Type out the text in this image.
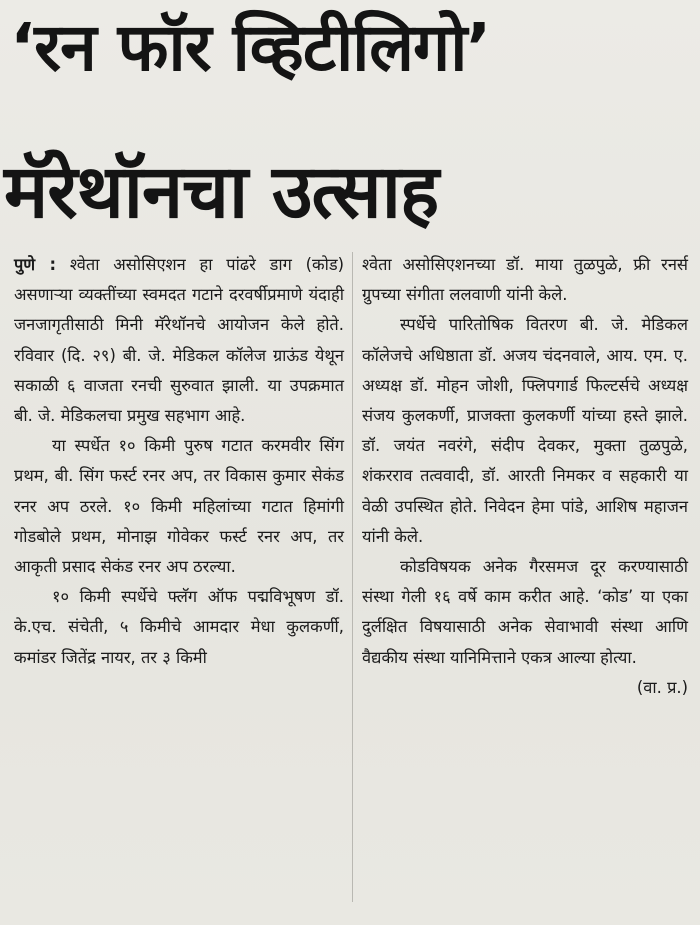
‘रन फॉर व्हिटीलिगो’
मॅरेथॉनचा उत्साह

पुणे : श्वेता असोसिएशन हा पांढरे डाग (कोड) असणाऱ्या व्यक्तींच्या स्वमदत गटाने दरवर्षीप्रमाणे यंदाही जनजागृतीसाठी मिनी मॅरेथॉनचे आयोजन केले होते. रविवार (दि. २९) बी. जे. मेडिकल कॉलेज ग्राऊंड येथून सकाळी ६ वाजता रनची सुरुवात झाली. या उपक्रमात बी. जे. मेडिकलचा प्रमुख सहभाग आहे.

या स्पर्धेत १० किमी पुरुष गटात करमवीर सिंग प्रथम, बी. सिंग फर्स्ट रनर अप, तर विकास कुमार सेकंड रनर अप ठरले. १० किमी महिलांच्या गटात हिमांगी गोडबोले प्रथम, मोनाझ गोवेकर फर्स्ट रनर अप, तर आकृती प्रसाद सेकंड रनर अप ठरल्या.

१० किमी स्पर्धेचे फ्लॅग ऑफ पद्मविभूषण डॉ. के.एच. संचेती, ५ किमीचे आमदार मेधा कुलकर्णी, कमांडर जितेंद्र नायर, तर ३ किमी

श्वेता असोसिएशनच्या डॉ. माया तुळपुळे, फ्री रनर्स ग्रुपच्या संगीता ललवाणी यांनी केले.

स्पर्धेचे पारितोषिक वितरण बी. जे. मेडिकल कॉलेजचे अधिष्ठाता डॉ. अजय चंदनवाले, आय. एम. ए. अध्यक्ष डॉ. मोहन जोशी, फ्लिपगार्ड फिल्टर्सचे अध्यक्ष संजय कुलकर्णी, प्राजक्ता कुलकर्णी यांच्या हस्ते झाले. डॉ. जयंत नवरंगे, संदीप देवकर, मुक्ता तुळपुळे, शंकरराव तत्ववादी, डॉ. आरती निमकर व सहकारी या वेळी उपस्थित होते. निवेदन हेमा पांडे, आशिष महाजन यांनी केले.

कोडविषयक अनेक गैरसमज दूर करण्यासाठी संस्था गेली १६ वर्षे काम करीत आहे. ‘कोड’ या एका दुर्लक्षित विषयासाठी अनेक सेवाभावी संस्था आणि वैद्यकीय संस्था यानिमित्ताने एकत्र आल्या होत्या.
(वा. प्र.)
